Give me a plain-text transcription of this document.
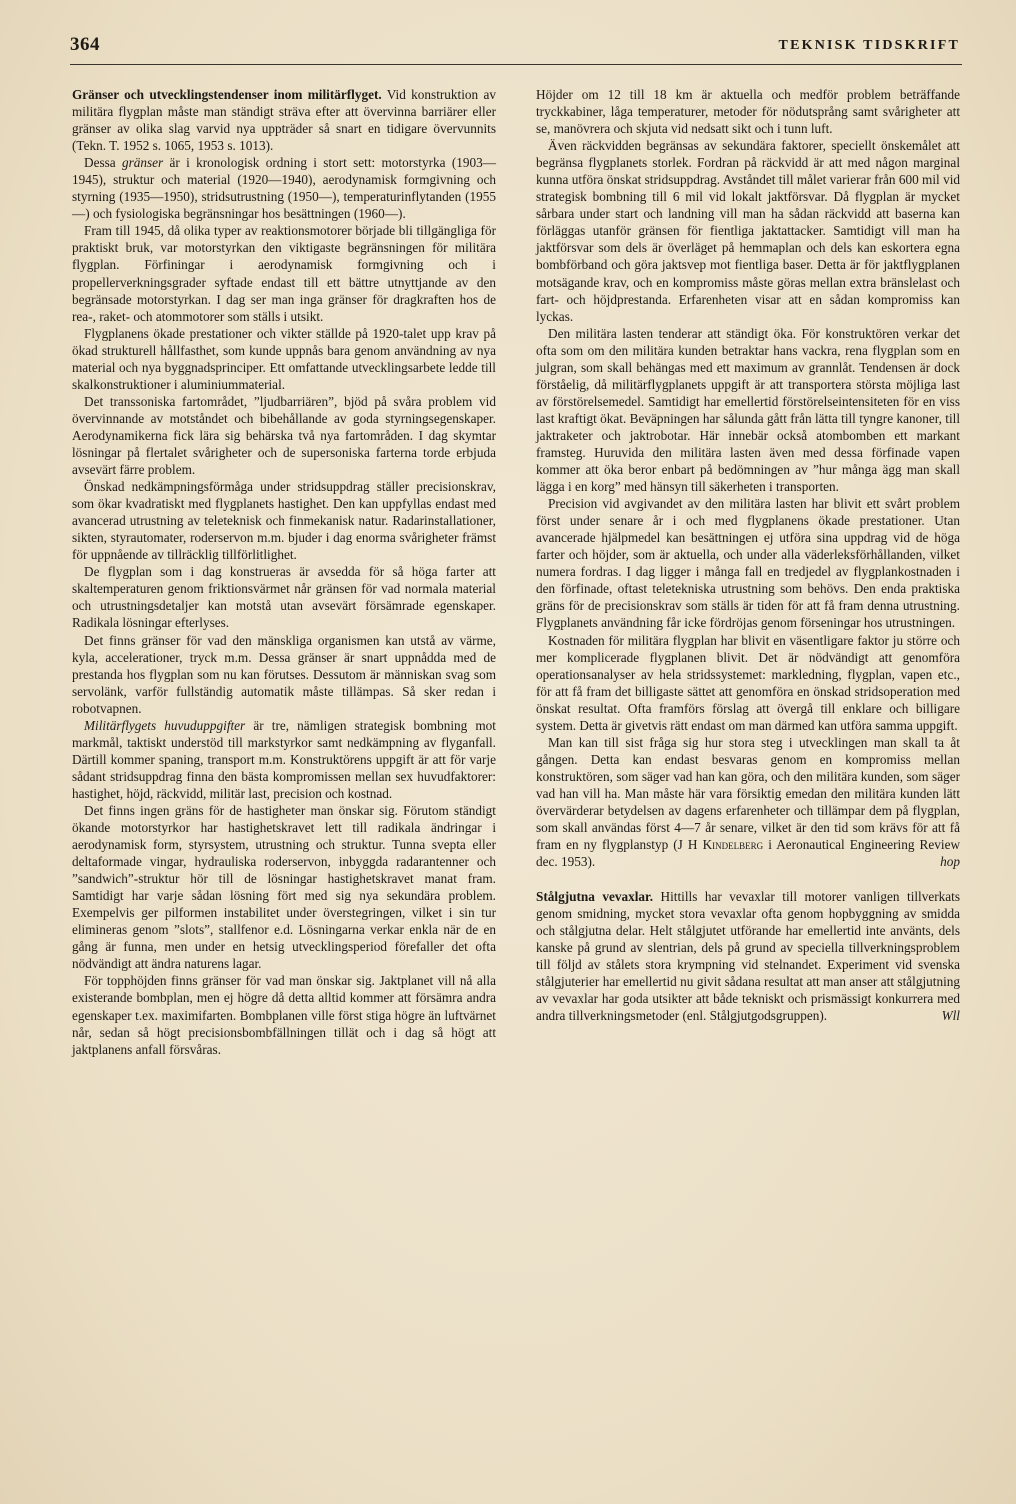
364	TEKNISK TIDSKRIFT

Gränser och utvecklingstendenser inom militärflyget. Vid konstruktion av militära flygplan måste man ständigt sträva efter att övervinna barriärer eller gränser av olika slag varvid nya uppträder så snart en tidigare övervunnits (Tekn. T. 1952 s. 1065, 1953 s. 1013).

Dessa gränser är i kronologisk ordning i stort sett: motorstyrka (1903—1945), struktur och material (1920—1940), aerodynamisk formgivning och styrning (1935—1950), stridsutrustning (1950—), temperaturinflytanden (1955—) och fysiologiska begränsningar hos besättningen (1960—).

Fram till 1945, då olika typer av reaktionsmotorer började bli tillgängliga för praktiskt bruk, var motorstyrkan den viktigaste begränsningen för militära flygplan. Förfiningar i aerodynamisk formgivning och i propellerverkningsgrader syftade endast till ett bättre utnyttjande av den begränsade motorstyrkan. I dag ser man inga gränser för dragkraften hos de rea-, raket- och atommotorer som ställs i utsikt.

Flygplanens ökade prestationer och vikter ställde på 1920-talet upp krav på ökad strukturell hållfasthet, som kunde uppnås bara genom användning av nya material och nya byggnadsprinciper. Ett omfattande utvecklingsarbete ledde till skalkonstruktioner i aluminiummaterial.

Det transsoniska fartområdet, ”ljudbarriären”, bjöd på svåra problem vid övervinnande av motståndet och bibehållande av goda styrningsegenskaper. Aerodynamikerna fick lära sig behärska två nya fartområden. I dag skymtar lösningar på flertalet svårigheter och de supersoniska farterna torde erbjuda avsevärt färre problem.

Önskad nedkämpningsförmåga under stridsuppdrag ställer precisionskrav, som ökar kvadratiskt med flygplanets hastighet. Den kan uppfyllas endast med avancerad utrustning av teleteknisk och finmekanisk natur. Radarinstallationer, sikten, styrautomater, roderservon m.m. bjuder i dag enorma svårigheter främst för uppnående av tillräcklig tillförlitlighet.

De flygplan som i dag konstrueras är avsedda för så höga farter att skaltemperaturen genom friktionsvärmet når gränsen för vad normala material och utrustningsdetaljer kan motstå utan avsevärt försämrade egenskaper. Radikala lösningar efterlyses.

Det finns gränser för vad den mänskliga organismen kan utstå av värme, kyla, accelerationer, tryck m.m. Dessa gränser är snart uppnådda med de prestanda hos flygplan som nu kan förutses. Dessutom är människan svag som servolänk, varför fullständig automatik måste tillämpas. Så sker redan i robotvapnen.

Militärflygets huvuduppgifter är tre, nämligen strategisk bombning mot markmål, taktiskt understöd till markstyrkor samt nedkämpning av flyganfall. Därtill kommer spaning, transport m.m. Konstruktörens uppgift är att för varje sådant stridsuppdrag finna den bästa kompromissen mellan sex huvudfaktorer: hastighet, höjd, räckvidd, militär last, precision och kostnad.

Det finns ingen gräns för de hastigheter man önskar sig. Förutom ständigt ökande motorstyrkor har hastighetskravet lett till radikala ändringar i aerodynamisk form, styrsystem, utrustning och struktur. Tunna svepta eller deltaformade vingar, hydrauliska roderservon, inbyggda radarantenner och ”sandwich”-struktur hör till de lösningar hastighetskravet manat fram. Samtidigt har varje sådan lösning fört med sig nya sekundära problem. Exempelvis ger pilformen instabilitet under överstegringen, vilket i sin tur elimineras genom ”slots”, stallfenor e.d. Lösningarna verkar enkla när de en gång är funna, men under en hetsig utvecklingsperiod förefaller det ofta nödvändigt att ändra naturens lagar.

För topphöjden finns gränser för vad man önskar sig. Jaktplanet vill nå alla existerande bombplan, men ej högre då detta alltid kommer att försämra andra egenskaper t.ex. maximifarten. Bombplanen ville först stiga högre än luftvärnet når, sedan så högt precisionsbombfällningen tillät och i dag så högt att jaktplanens anfall försvåras.

Höjder om 12 till 18 km är aktuella och medför problem beträffande tryckkabiner, låga temperaturer, metoder för nödutsprång samt svårigheter att se, manövrera och skjuta vid nedsatt sikt och i tunn luft.

Även räckvidden begränsas av sekundära faktorer, speciellt önskemålet att begränsa flygplanets storlek. Fordran på räckvidd är att med någon marginal kunna utföra önskat stridsuppdrag. Avståndet till målet varierar från 600 mil vid strategisk bombning till 6 mil vid lokalt jaktförsvar. Då flygplan är mycket sårbara under start och landning vill man ha sådan räckvidd att baserna kan förläggas utanför gränsen för fientliga jaktattacker. Samtidigt vill man ha jaktförsvar som dels är överläget på hemmaplan och dels kan eskortera egna bombförband och göra jaktsvep mot fientliga baser. Detta är för jaktflygplanen motsägande krav, och en kompromiss måste göras mellan extra bränslelast och fart- och höjdprestanda. Erfarenheten visar att en sådan kompromiss kan lyckas.

Den militära lasten tenderar att ständigt öka. För konstruktören verkar det ofta som om den militära kunden betraktar hans vackra, rena flygplan som en julgran, som skall behängas med ett maximum av grannlåt. Tendensen är dock förståelig, då militärflygplanets uppgift är att transportera största möjliga last av förstörelsemedel. Samtidigt har emellertid förstörelseintensiteten för en viss last kraftigt ökat. Beväpningen har sålunda gått från lätta till tyngre kanoner, till jaktraketer och jaktrobotar. Här innebär också atombomben ett markant framsteg. Huruvida den militära lasten även med dessa förfinade vapen kommer att öka beror enbart på bedömningen av ”hur många ägg man skall lägga i en korg” med hänsyn till säkerheten i transporten.

Precision vid avgivandet av den militära lasten har blivit ett svårt problem först under senare år i och med flygplanens ökade prestationer. Utan avancerade hjälpmedel kan besättningen ej utföra sina uppdrag vid de höga farter och höjder, som är aktuella, och under alla väderleksförhållanden, vilket numera fordras. I dag ligger i många fall en tredjedel av flygplankostnaden i den förfinade, oftast teletekniska utrustning som behövs. Den enda praktiska gräns för de precisionskrav som ställs är tiden för att få fram denna utrustning. Flygplanets användning får icke fördröjas genom förseningar hos utrustningen.

Kostnaden för militära flygplan har blivit en väsentligare faktor ju större och mer komplicerade flygplanen blivit. Det är nödvändigt att genomföra operationsanalyser av hela stridssystemet: markledning, flygplan, vapen etc., för att få fram det billigaste sättet att genomföra en önskad stridsoperation med önskat resultat. Ofta framförs förslag att övergå till enklare och billigare system. Detta är givetvis rätt endast om man därmed kan utföra samma uppgift.

Man kan till sist fråga sig hur stora steg i utvecklingen man skall ta åt gången. Detta kan endast besvaras genom en kompromiss mellan konstruktören, som säger vad han kan göra, och den militära kunden, som säger vad han vill ha. Man måste här vara försiktig emedan den militära kunden lätt övervärderar betydelsen av dagens erfarenheter och tillämpar dem på flygplan, som skall användas först 4—7 år senare, vilket är den tid som krävs för att få fram en ny flygplanstyp (J H Kindelberg i Aeronautical Engineering Review dec. 1953).	hop

Stålgjutna vevaxlar. Hittills har vevaxlar till motorer vanligen tillverkats genom smidning, mycket stora vevaxlar ofta genom hopbyggning av smidda och stålgjutna delar. Helt stålgjutet utförande har emellertid inte använts, dels kanske på grund av slentrian, dels på grund av speciella tillverkningsproblem till följd av stålets stora krympning vid stelnandet. Experiment vid svenska stålgjuterier har emellertid nu givit sådana resultat att man anser att stålgjutning av vevaxlar har goda utsikter att både tekniskt och prismässigt konkurrera med andra tillverkningsmetoder (enl. Stålgjutgodsgruppen).	Wll
